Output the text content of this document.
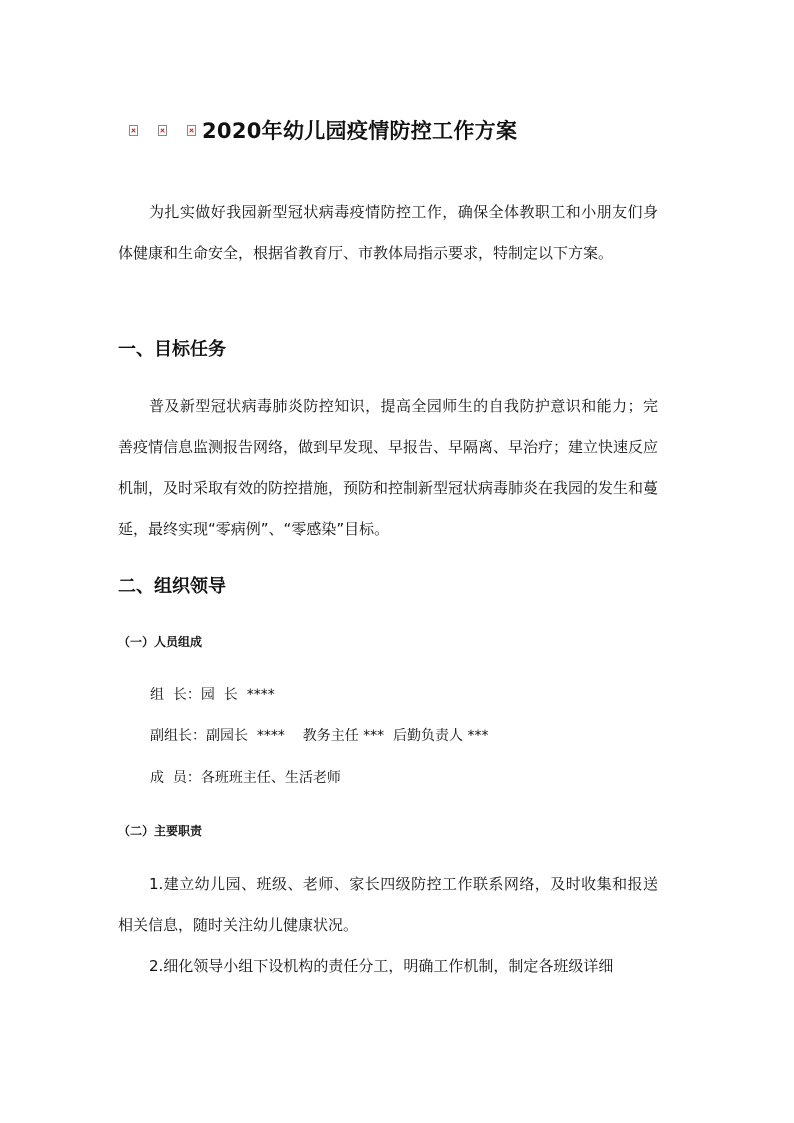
2020年幼儿园疫情防控工作方案

为扎实做好我园新型冠状病毒疫情防控工作，确保全体教职工和小朋友们身体健康和生命安全，根据省教育厅、市教体局指示要求，特制定以下方案。

一、目标任务

普及新型冠状病毒肺炎防控知识，提高全园师生的自我防护意识和能力；完善疫情信息监测报告网络，做到早发现、早报告、早隔离、早治疗；建立快速反应机制，及时采取有效的防控措施，预防和控制新型冠状病毒肺炎在我园的发生和蔓延，最终实现“零病例”、“零感染”目标。

二、组织领导
（一）人员组成

组  长：园  长  ****

副组长：副园长  ****    教务主任 ***  后勤负责人 ***

成  员：各班班主任、生活老师

（二）主要职责

1.建立幼儿园、班级、老师、家长四级防控工作联系网络，及时收集和报送相关信息，随时关注幼儿健康状况。

2.细化领导小组下设机构的责任分工，明确工作机制，制定各班级详细
